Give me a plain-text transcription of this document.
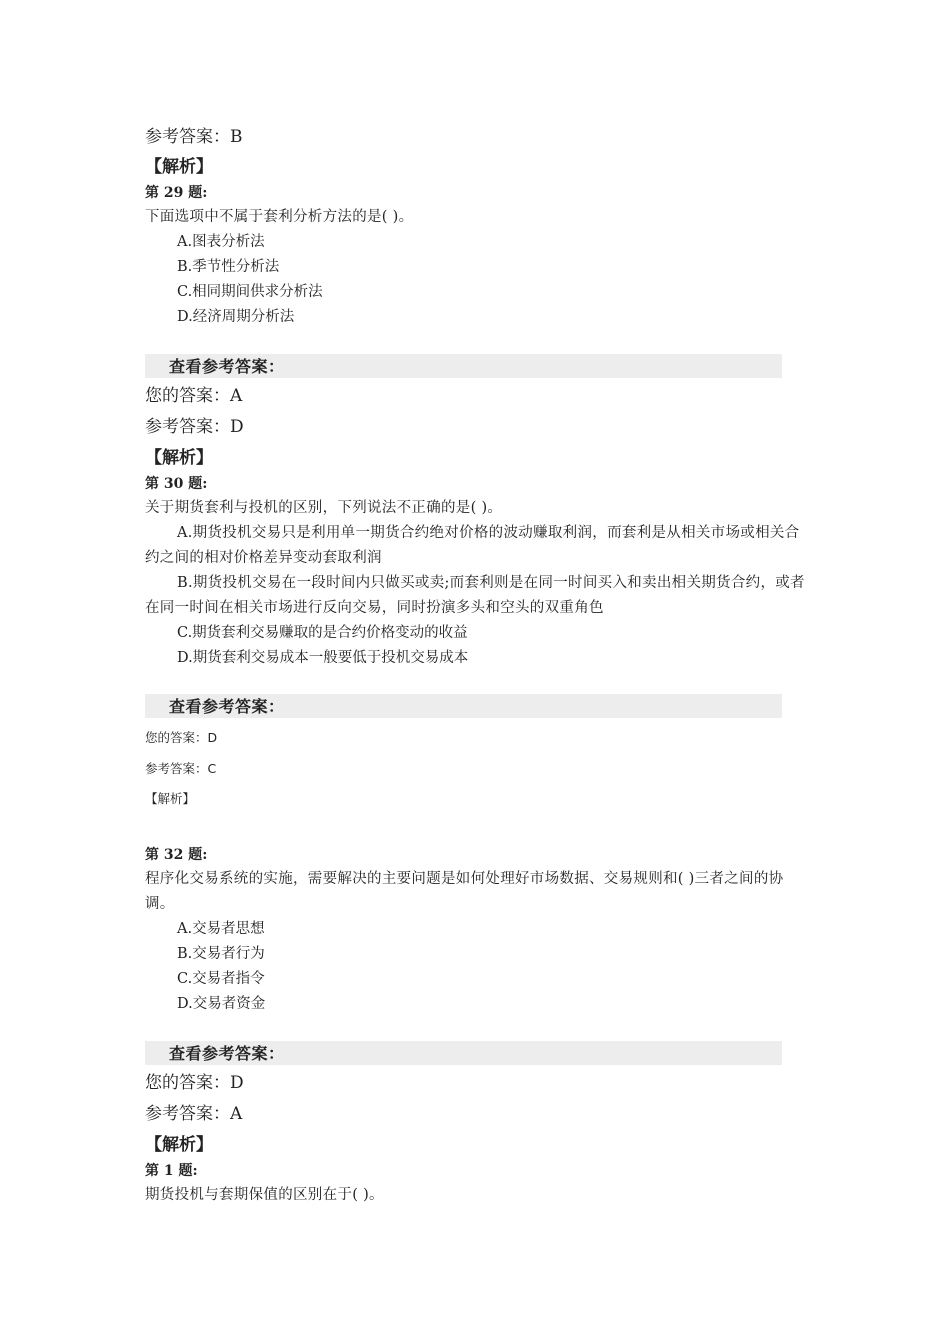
参考答案：B
【解析】
第 29 题:
下面选项中不属于套利分析方法的是( )。
A.图表分析法
B.季节性分析法
C.相同期间供求分析法
D.经济周期分析法
查看参考答案：
您的答案：A
参考答案：D
【解析】
第 30 题:
关于期货套利与投机的区别，下列说法不正确的是( )。
A.期货投机交易只是利用单一期货合约绝对价格的波动赚取利润，而套利是从相关市场或相关合约之间的相对价格差异变动套取利润
B.期货投机交易在一段时间内只做买或卖;而套利则是在同一时间买入和卖出相关期货合约，或者在同一时间在相关市场进行反向交易，同时扮演多头和空头的双重角色
C.期货套利交易赚取的是合约价格变动的收益
D.期货套利交易成本一般要低于投机交易成本
查看参考答案：
您的答案：D
参考答案：C
【解析】
第 32 题:
程序化交易系统的实施，需要解决的主要问题是如何处理好市场数据、交易规则和( )三者之间的协调。
A.交易者思想
B.交易者行为
C.交易者指令
D.交易者资金
查看参考答案：
您的答案：D
参考答案：A
【解析】
第 1 题:
期货投机与套期保值的区别在于( )。
